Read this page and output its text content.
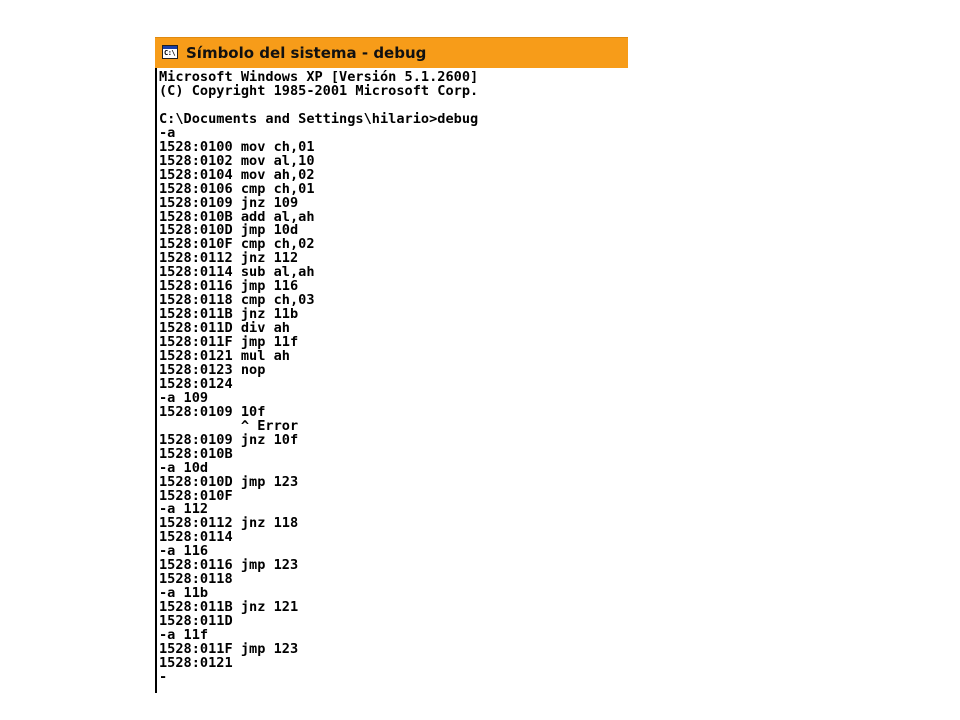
C:\ Símbolo del sistema - debug
Microsoft Windows XP [Versión 5.1.2600]
(C) Copyright 1985-2001 Microsoft Corp.
C:\Documents and Settings\hilario>debug
-a
1528:0100 mov ch,01
1528:0102 mov al,10
1528:0104 mov ah,02
1528:0106 cmp ch,01
1528:0109 jnz 109
1528:010B add al,ah
1528:010D jmp 10d
1528:010F cmp ch,02
1528:0112 jnz 112
1528:0114 sub al,ah
1528:0116 jmp 116
1528:0118 cmp ch,03
1528:011B jnz 11b
1528:011D div ah
1528:011F jmp 11f
1528:0121 mul ah
1528:0123 nop
1528:0124
-a 109
1528:0109 10f
^ Error
1528:0109 jnz 10f
1528:010B
-a 10d
1528:010D jmp 123
1528:010F
-a 112
1528:0112 jnz 118
1528:0114
-a 116
1528:0116 jmp 123
1528:0118
-a 11b
1528:011B jnz 121
1528:011D
-a 11f
1528:011F jmp 123
1528:0121
-
